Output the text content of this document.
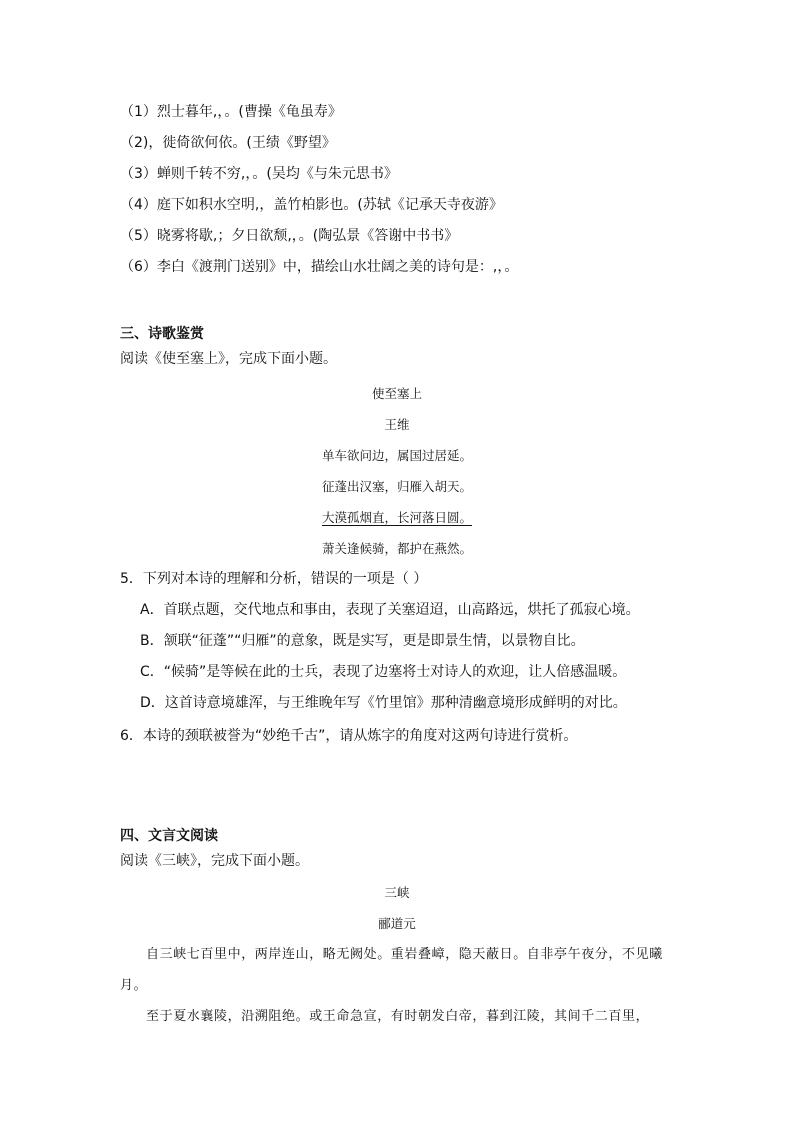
（1）烈士暮年,，。(曹操《龟虽寿》
（2)，徙倚欲何依。(王绩《野望》
（3）蝉则千转不穷,，。(吴均《与朱元思书》
（4）庭下如积水空明,，盖竹柏影也。(苏轼《记承天寺夜游》
（5）晓雾将歇,；夕日欲颓,，。(陶弘景《答谢中书书》
（6）李白《渡荆门送别》中，描绘山水壮阔之美的诗句是：,，。
三、诗歌鉴赏
阅读《使至塞上》，完成下面小题。
使至塞上
王维
单车欲问边，属国过居延。
征蓬出汉塞，归雁入胡天。
大漠孤烟直，长河落日圆。
萧关逢候骑，都护在燕然。
5．下列对本诗的理解和分析，错误的一项是（ ）
A．首联点题，交代地点和事由，表现了关塞迢迢，山高路远，烘托了孤寂心境。
B．颔联“征蓬”“归雁”的意象，既是实写，更是即景生情，以景物自比。
C．“候骑”是等候在此的士兵，表现了边塞将士对诗人的欢迎，让人倍感温暖。
D．这首诗意境雄浑，与王维晚年写《竹里馆》那种清幽意境形成鲜明的对比。
6．本诗的颈联被誉为“妙绝千古”，请从炼字的角度对这两句诗进行赏析。
四、文言文阅读
阅读《三峡》，完成下面小题。
三峡
郦道元
自三峡七百里中，两岸连山，略无阙处。重岩叠嶂，隐天蔽日。自非亭午夜分，不见曦月。
至于夏水襄陵，沿溯阻绝。或王命急宣，有时朝发白帝，暮到江陵，其间千二百里，
